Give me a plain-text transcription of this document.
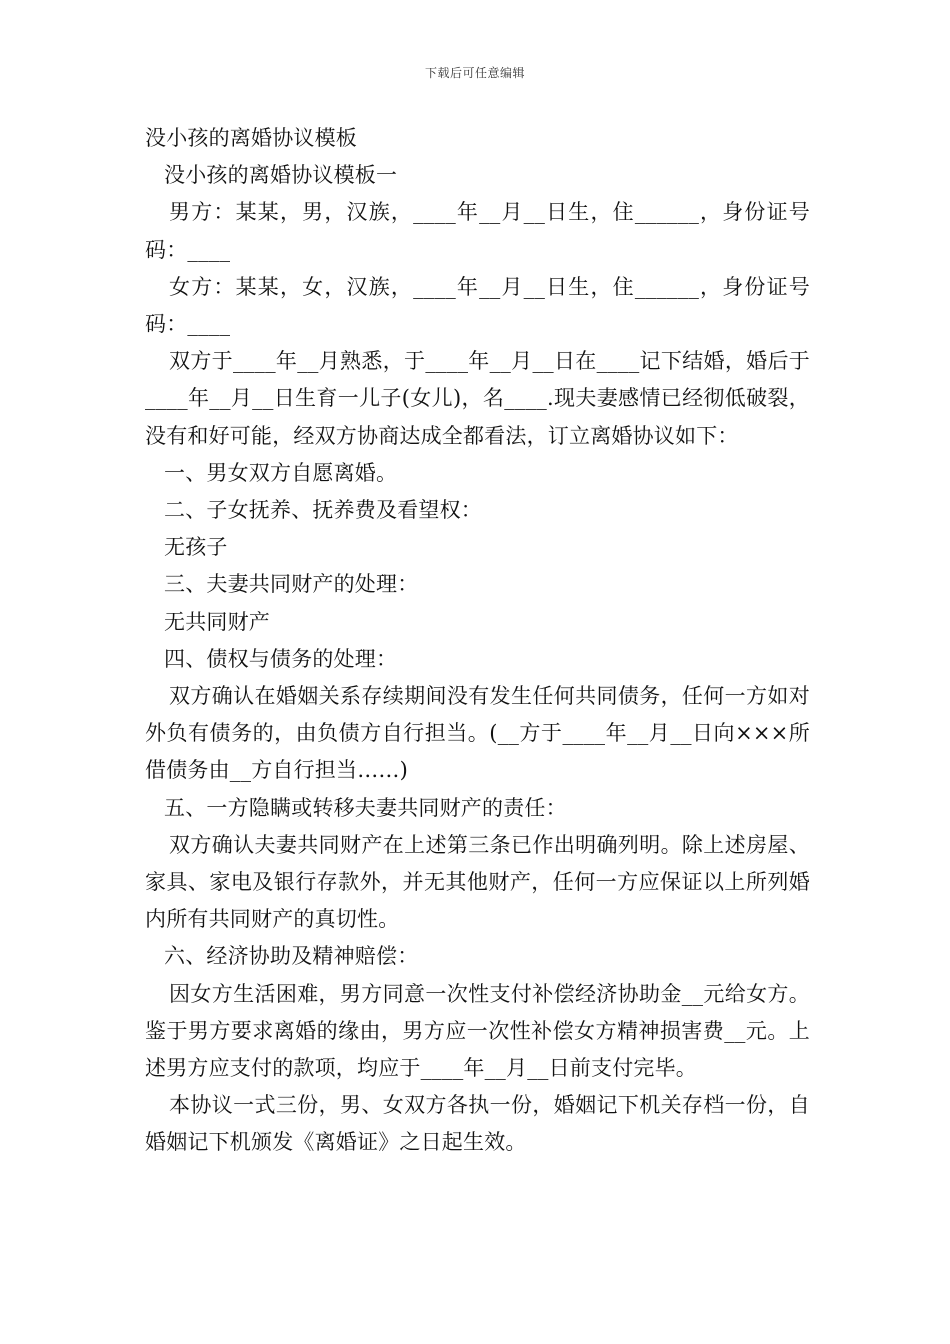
下载后可任意编辑

没小孩的离婚协议模板

没小孩的离婚协议模板一

男方：某某，男，汉族，____年__月__日生，住______，身份证号码：____

女方：某某，女，汉族，____年__月__日生，住______，身份证号码：____

双方于____年__月熟悉，于____年__月__日在____记下结婚，婚后于____年__月__日生育一儿子(女儿)，名____.现夫妻感情已经彻低破裂，没有和好可能，经双方协商达成全都看法，订立离婚协议如下：

一、男女双方自愿离婚。

二、子女抚养、抚养费及看望权：

无孩子

三、夫妻共同财产的处理：

无共同财产

四、债权与债务的处理：

双方确认在婚姻关系存续期间没有发生任何共同债务，任何一方如对外负有债务的，由负债方自行担当。(__方于____年__月__日向×××所借债务由__方自行担当……)

五、一方隐瞒或转移夫妻共同财产的责任：

双方确认夫妻共同财产在上述第三条已作出明确列明。除上述房屋、家具、家电及银行存款外，并无其他财产，任何一方应保证以上所列婚内所有共同财产的真切性。

六、经济协助及精神赔偿：

因女方生活困难，男方同意一次性支付补偿经济协助金__元给女方。鉴于男方要求离婚的缘由，男方应一次性补偿女方精神损害费__元。上述男方应支付的款项，均应于____年__月__日前支付完毕。

本协议一式三份，男、女双方各执一份，婚姻记下机关存档一份，自婚姻记下机颁发《离婚证》之日起生效。
